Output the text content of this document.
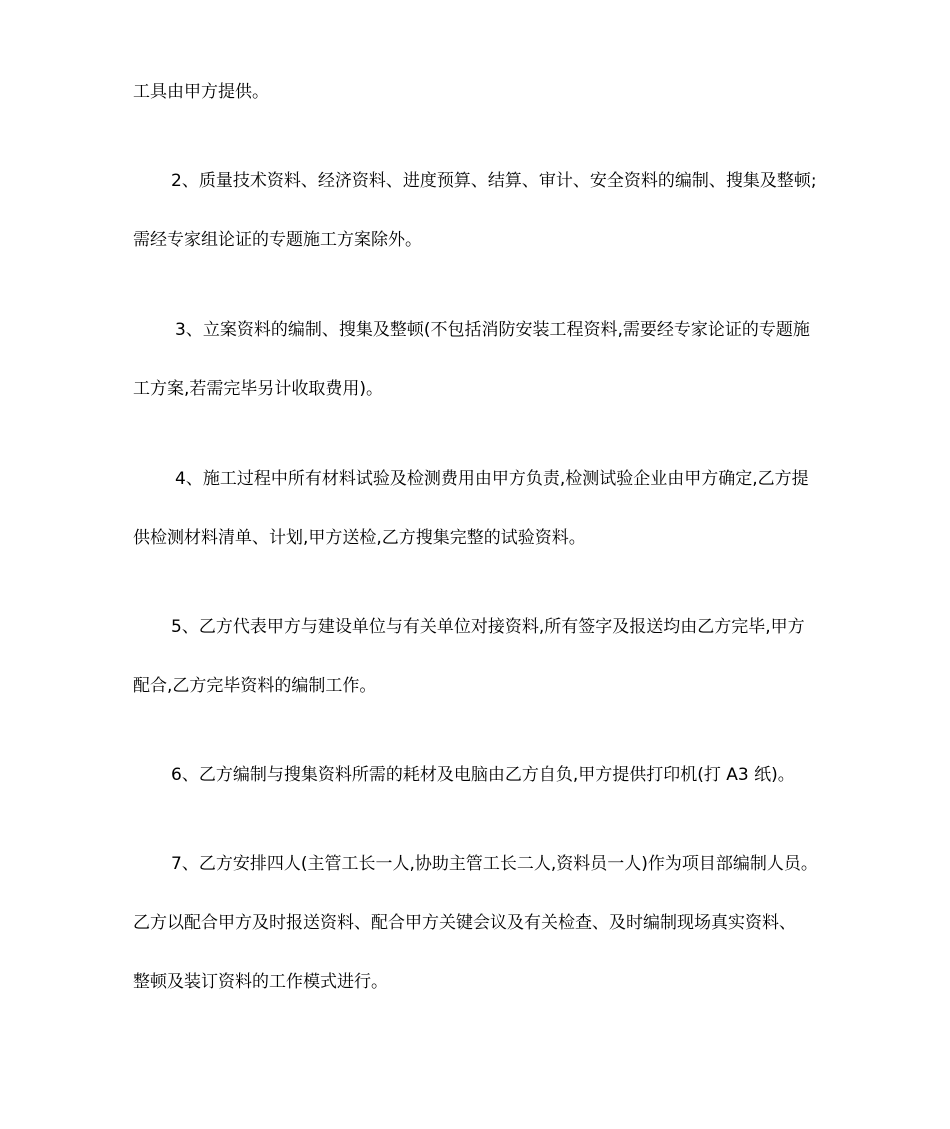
工具由甲方提供。
2、质量技术资料、经济资料、进度预算、结算、审计、安全资料的编制、搜集及整顿;
需经专家组论证的专题施工方案除外。
3、立案资料的编制、搜集及整顿(不包括消防安装工程资料,需要经专家论证的专题施
工方案,若需完毕另计收取费用)。
4、施工过程中所有材料试验及检测费用由甲方负责,检测试验企业由甲方确定,乙方提
供检测材料清单、计划,甲方送检,乙方搜集完整的试验资料。
5、乙方代表甲方与建设单位与有关单位对接资料,所有签字及报送均由乙方完毕,甲方
配合,乙方完毕资料的编制工作。
6、乙方编制与搜集资料所需的耗材及电脑由乙方自负,甲方提供打印机(打 A3 纸)。
7、乙方安排四人(主管工长一人,协助主管工长二人,资料员一人)作为项目部编制人员。
乙方以配合甲方及时报送资料、配合甲方关键会议及有关检查、及时编制现场真实资料、
整顿及装订资料的工作模式进行。
